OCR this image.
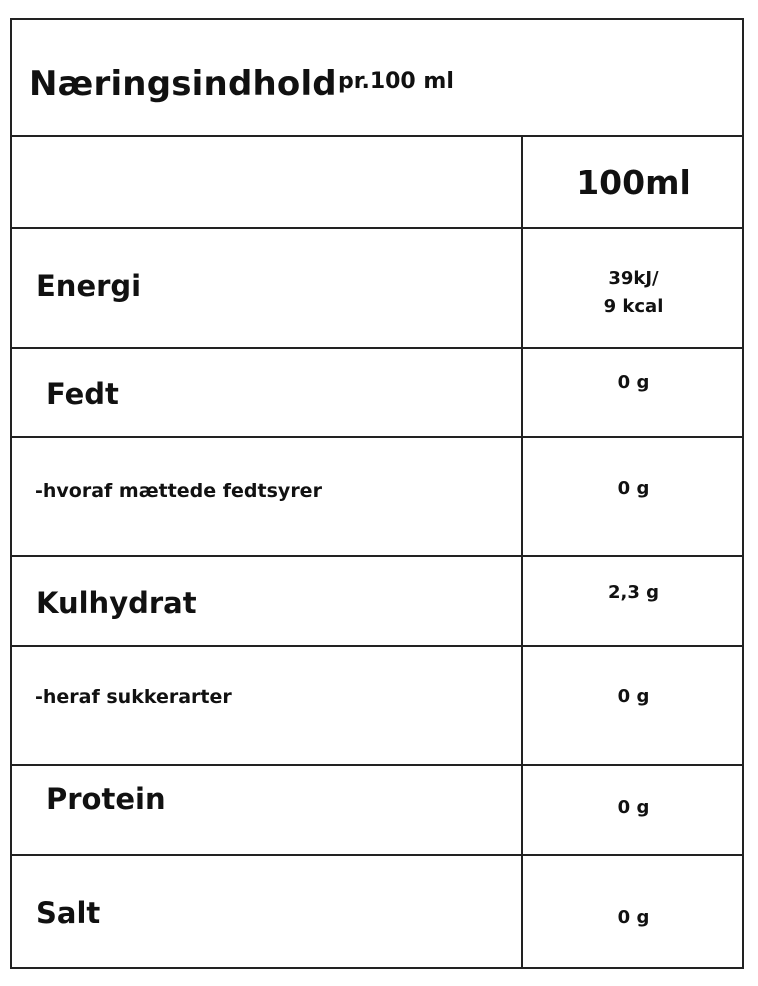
Næringsindhold pr.100 ml
100ml
Energi	39kJ/
9 kcal
Fedt	0 g
-hvoraf mættede fedtsyrer	0 g
Kulhydrat	2,3 g
-heraf sukkerarter	0 g
Protein	0 g
Salt	0 g
